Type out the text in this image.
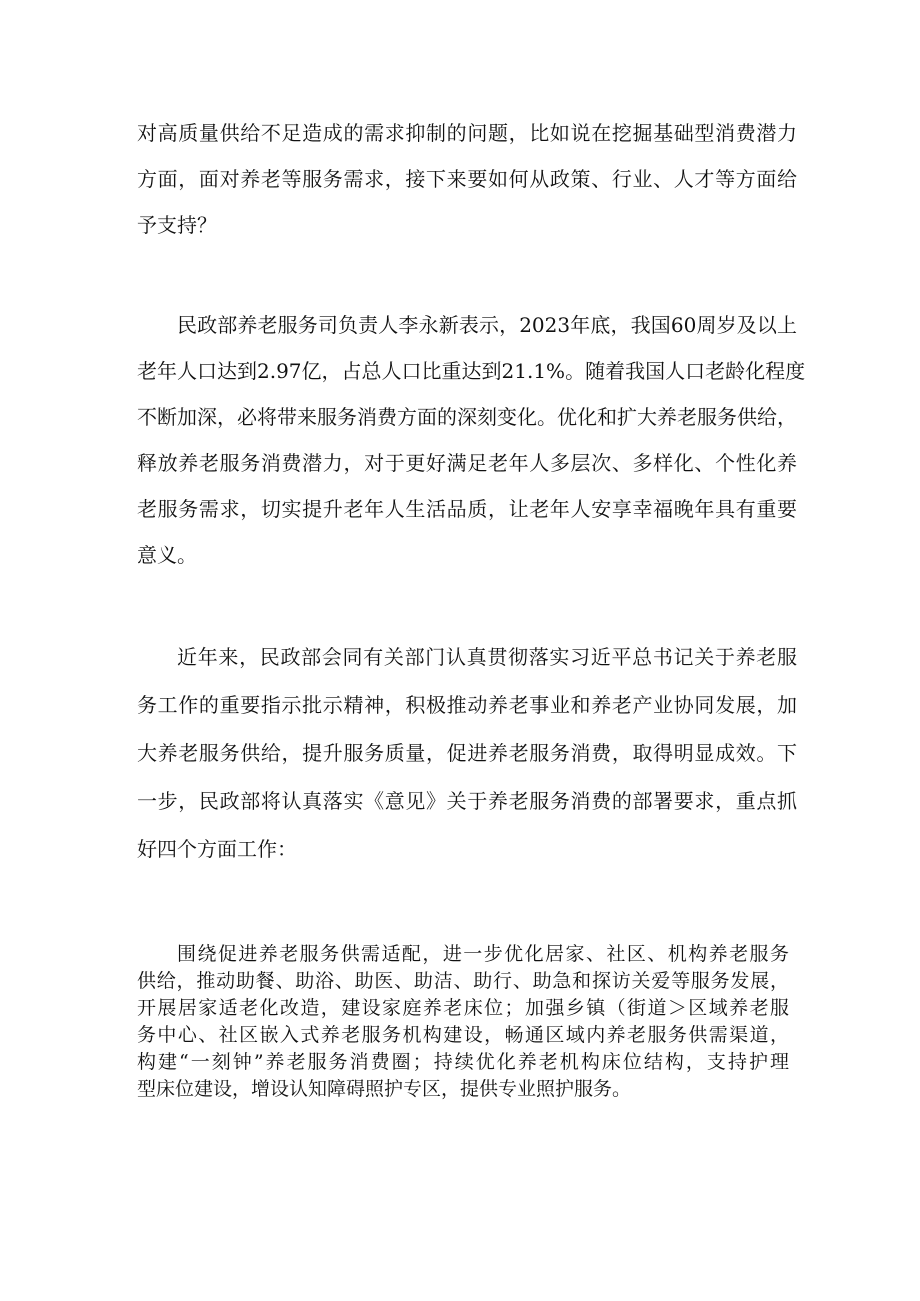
对高质量供给不足造成的需求抑制的问题，比如说在挖掘基础型消费潜力
方面，面对养老等服务需求，接下来要如何从政策、行业、人才等方面给
予支持？
民政部养老服务司负责人李永新表示，2023年底，我国60周岁及以上
老年人口达到2.97亿，占总人口比重达到21.1%。随着我国人口老龄化程度
不断加深，必将带来服务消费方面的深刻变化。优化和扩大养老服务供给，
释放养老服务消费潜力，对于更好满足老年人多层次、多样化、个性化养
老服务需求，切实提升老年人生活品质，让老年人安享幸福晚年具有重要
意义。
近年来，民政部会同有关部门认真贯彻落实习近平总书记关于养老服
务工作的重要指示批示精神，积极推动养老事业和养老产业协同发展，加
大养老服务供给，提升服务质量，促进养老服务消费，取得明显成效。下
一步，民政部将认真落实《意见》关于养老服务消费的部署要求，重点抓
好四个方面工作：
围绕促进养老服务供需适配，进一步优化居家、社区、机构养老服务
供给，推动助餐、助浴、助医、助洁、助行、助急和探访关爱等服务发展，
开展居家适老化改造，建设家庭养老床位；加强乡镇（街道＞区域养老服
务中心、社区嵌入式养老服务机构建设，畅通区域内养老服务供需渠道，
构建“一刻钟”养老服务消费圈；持续优化养老机构床位结构，支持护理
型床位建设，增设认知障碍照护专区，提供专业照护服务。
